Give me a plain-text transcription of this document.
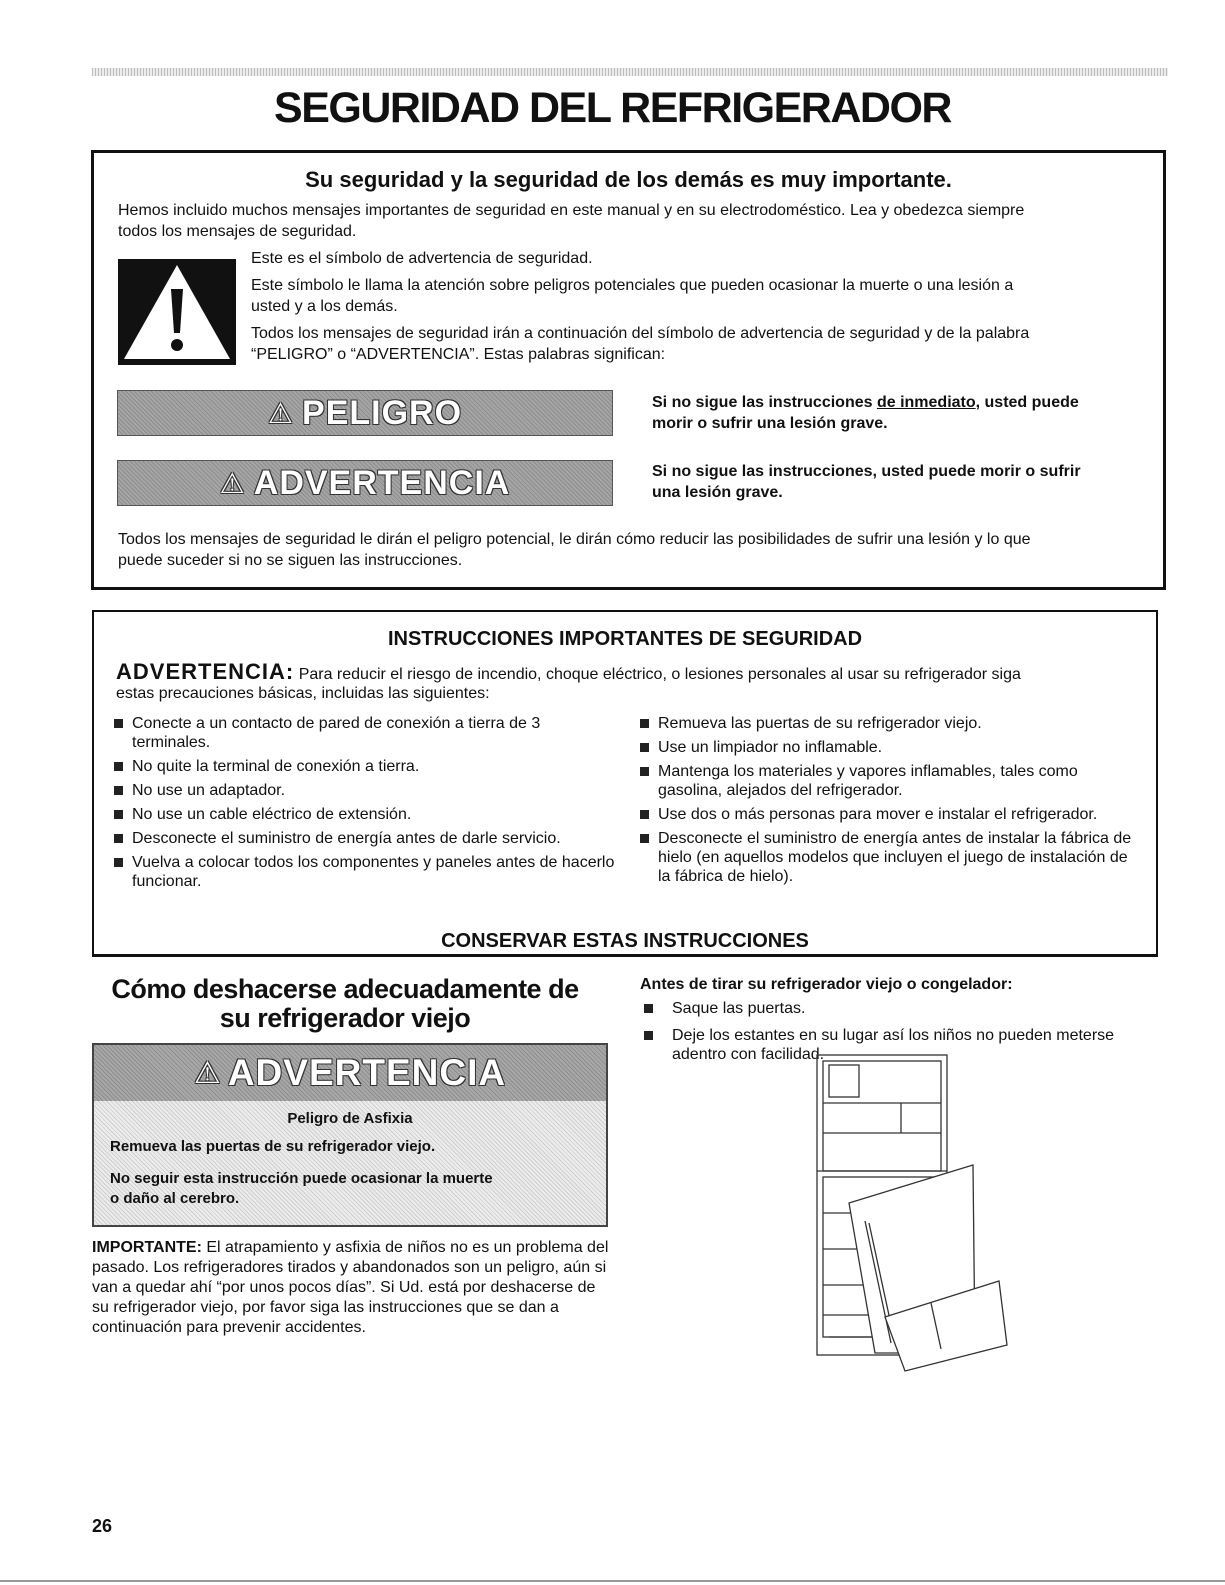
SEGURIDAD DEL REFRIGERADOR
Su seguridad y la seguridad de los demás es muy importante.

Hemos incluido muchos mensajes importantes de seguridad en este manual y en su electrodoméstico. Lea y obedezca siempre

todos los mensajes de seguridad.

Este es el símbolo de advertencia de seguridad.

Este símbolo le llama la atención sobre peligros potenciales que pueden ocasionar la muerte o una lesión a

usted y a los demás.

Todos los mensajes de seguridad irán a continuación del símbolo de advertencia de seguridad y de la palabra

“PELIGRO” o “ADVERTENCIA”. Estas palabras significan:

⚠ PELIGRO	Si no sigue las instrucciones de inmediato, usted puede
morir o sufrir una lesión grave.

⚠ ADVERTENCIA	Si no sigue las instrucciones, usted puede morir o sufrir
una lesión grave.

Todos los mensajes de seguridad le dirán el peligro potencial, le dirán cómo reducir las posibilidades de sufrir una lesión y lo que

puede suceder si no se siguen las instrucciones.

INSTRUCCIONES IMPORTANTES DE SEGURIDAD

ADVERTENCIA: Para reducir el riesgo de incendio, choque eléctrico, o lesiones personales al usar su refrigerador siga
estas precauciones básicas, incluidas las siguientes:

Conecte a un contacto de pared de conexión a tierra de 3 terminales.
No quite la terminal de conexión a tierra.
No use un adaptador.
No use un cable eléctrico de extensión.
Desconecte el suministro de energía antes de darle servicio.
Vuelva a colocar todos los componentes y paneles antes de hacerlo funcionar.
Remueva las puertas de su refrigerador viejo.
Use un limpiador no inflamable.
Mantenga los materiales y vapores inflamables, tales como gasolina, alejados del refrigerador.
Use dos o más personas para mover e instalar el refrigerador.
Desconecte el suministro de energía antes de instalar la fábrica de hielo (en aquellos modelos que incluyen el juego de instalación de la fábrica de hielo).

CONSERVAR ESTAS INSTRUCCIONES

Cómo deshacerse adecuadamente de
su refrigerador viejo
⚠ ADVERTENCIA

Peligro de Asfixia

Remueva las puertas de su refrigerador viejo.

No seguir esta instrucción puede ocasionar la muerte

o daño al cerebro.

IMPORTANTE: El atrapamiento y asfixia de niños no es un problema del pasado. Los refrigeradores tirados y abandonados son un peligro, aún si van a quedar ahí “por unos pocos días”. Si Ud. está por deshacerse de su refrigerador viejo, por favor siga las instrucciones que se dan a continuación para prevenir accidentes.

Antes de tirar su refrigerador viejo o congelador:

Saque las puertas.
Deje los estantes en su lugar así los niños no pueden meterse adentro con facilidad.

26
